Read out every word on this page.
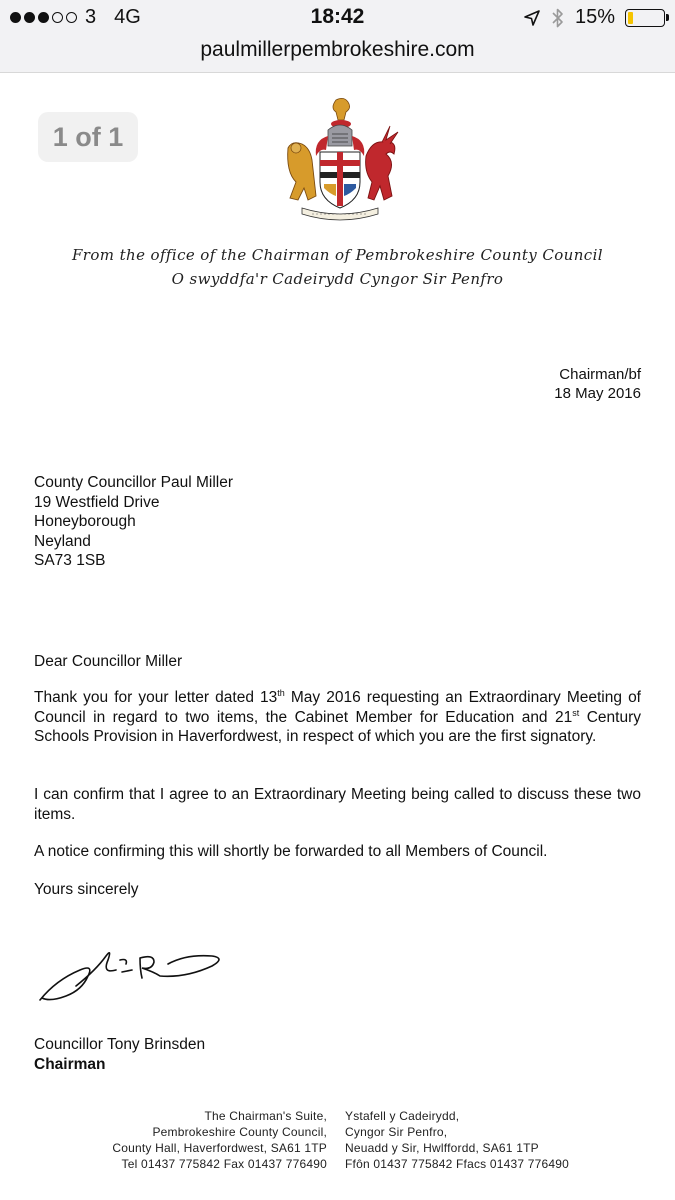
3 4G	18:42	15%
paulmillerpembrokeshire.com
1 of 1
From the office of the Chairman of Pembrokeshire County Council
O swyddfa'r Cadeirydd Cyngor Sir Penfro
Chairman/bf
18 May 2016
County Councillor Paul Miller
19 Westfield Drive
Honeyborough
Neyland
SA73 1SB
Dear Councillor Miller

Thank you for your letter dated 13th May 2016 requesting an Extraordinary Meeting of Council in regard to two items, the Cabinet Member for Education and 21st Century Schools Provision in Haverfordwest, in respect of which you are the first signatory.

I can confirm that I agree to an Extraordinary Meeting being called to discuss these two items.
A notice confirming this will shortly be forwarded to all Members of Council.
Yours sincerely
Councillor Tony Brinsden
Chairman
The Chairman's Suite,
Pembrokeshire County Council,
County Hall, Haverfordwest, SA61 1TP
Tel 01437 775842 Fax 01437 776490
Ystafell y Cadeirydd,
Cyngor Sir Penfro,
Neuadd y Sir, Hwlffordd, SA61 1TP
Ffôn 01437 775842 Ffacs 01437 776490
